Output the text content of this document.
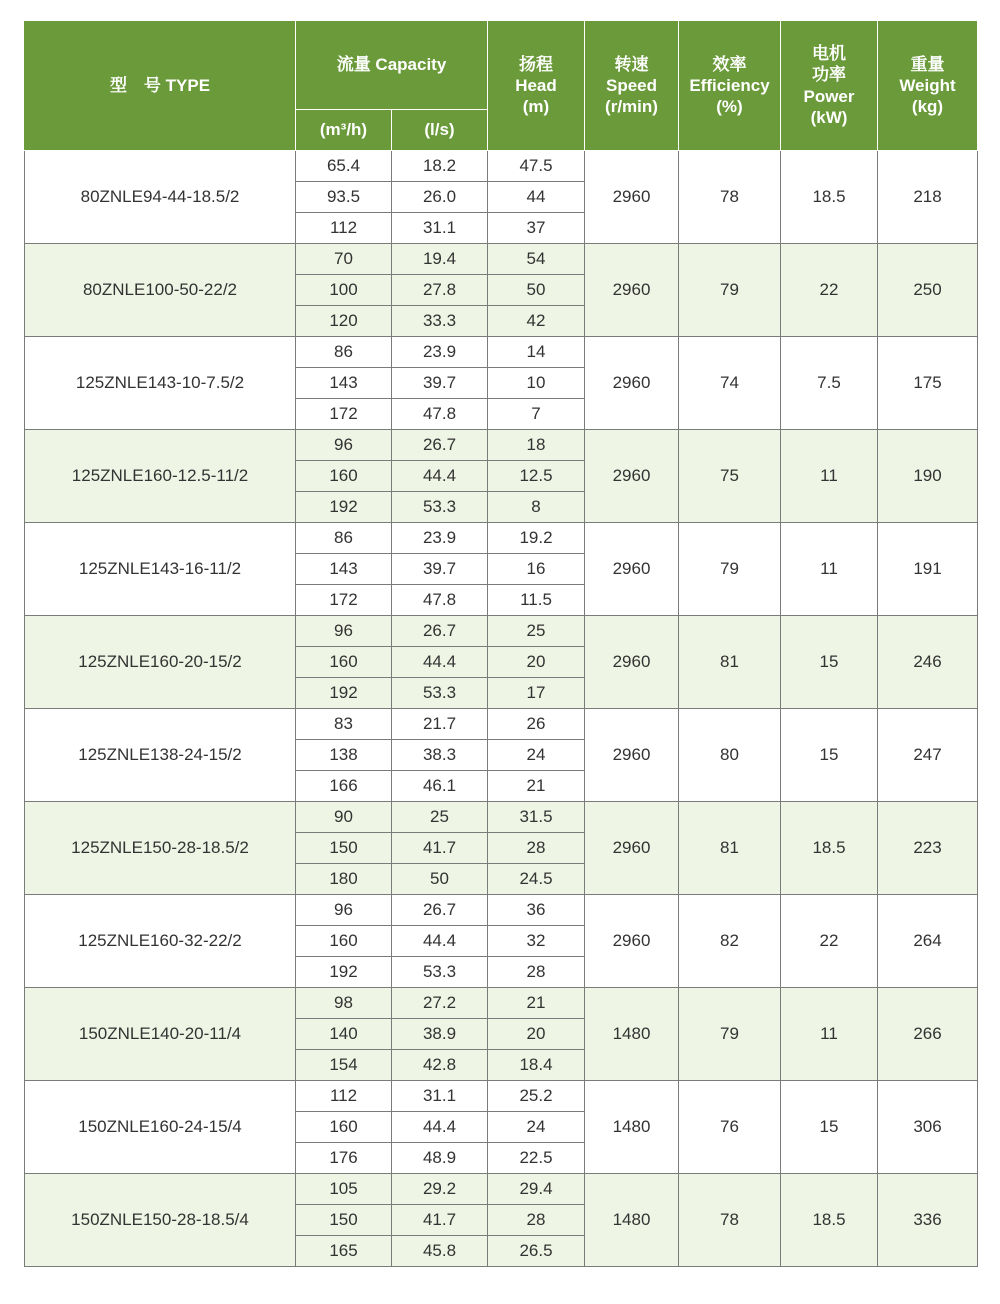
型　号 TYPE	流量 Capacity		扬程
Head
(m)	转速
Speed
(r/min)	效率
Efficiency
(%)	电机
功率
Power
(kW)	重量
Weight
(kg)

	(m³/h)	(l/s)					
80ZNLE94-44-18.5/2	65.4	18.2	47.5	2960	78	18.5	218
	93.5	26.0	44				
	112	31.1	37				
80ZNLE100-50-22/2	70	19.4	54	2960	79	22	250
	100	27.8	50				
	120	33.3	42				
125ZNLE143-10-7.5/2	86	23.9	14	2960	74	7.5	175
	143	39.7	10				
	172	47.8	7				
125ZNLE160-12.5-11/2	96	26.7	18	2960	75	11	190
	160	44.4	12.5				
	192	53.3	8				
125ZNLE143-16-11/2	86	23.9	19.2	2960	79	11	191
	143	39.7	16				
	172	47.8	11.5				
125ZNLE160-20-15/2	96	26.7	25	2960	81	15	246
	160	44.4	20				
	192	53.3	17				
125ZNLE138-24-15/2	83	21.7	26	2960	80	15	247
	138	38.3	24				
	166	46.1	21				
125ZNLE150-28-18.5/2	90	25	31.5	2960	81	18.5	223
	150	41.7	28				
	180	50	24.5				
125ZNLE160-32-22/2	96	26.7	36	2960	82	22	264
	160	44.4	32				
	192	53.3	28				
150ZNLE140-20-11/4	98	27.2	21	1480	79	11	266
	140	38.9	20				
	154	42.8	18.4				
150ZNLE160-24-15/4	112	31.1	25.2	1480	76	15	306
	160	44.4	24				
	176	48.9	22.5				
150ZNLE150-28-18.5/4	105	29.2	29.4	1480	78	18.5	336
	150	41.7	28				
	165	45.8	26.5				
